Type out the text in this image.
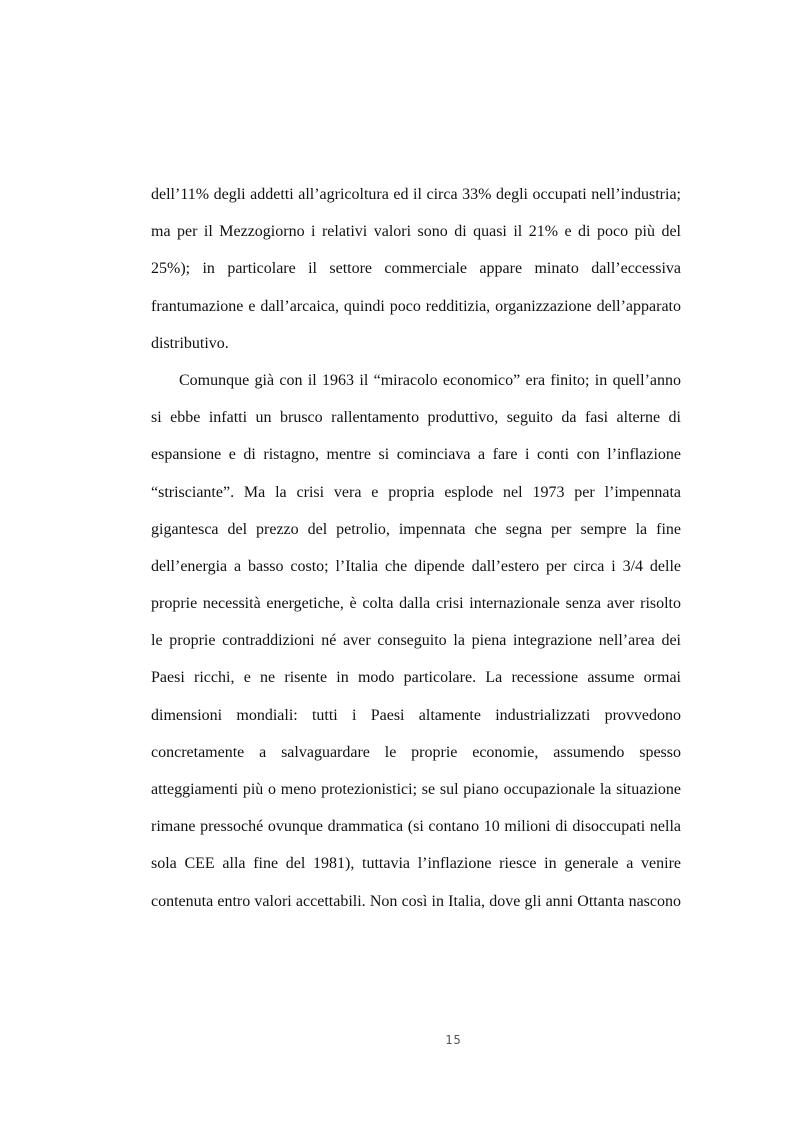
dell’11% degli addetti all’agricoltura ed il circa 33% degli occupati nell’industria;
ma per il Mezzogiorno i relativi valori sono di quasi il 21% e di poco più del
25%); in particolare il settore commerciale appare minato dall’eccessiva
frantumazione e dall’arcaica, quindi poco redditizia, organizzazione dell’apparato
distributivo.
Comunque già con il 1963 il “miracolo economico” era finito; in quell’anno
si ebbe infatti un brusco rallentamento produttivo, seguito da fasi alterne di
espansione e di ristagno, mentre si cominciava a fare i conti con l’inflazione
“strisciante”. Ma la crisi vera e propria esplode nel 1973 per l’impennata
gigantesca del prezzo del petrolio, impennata che segna per sempre la fine
dell’energia a basso costo; l’Italia che dipende dall’estero per circa i 3/4 delle
proprie necessità energetiche, è colta dalla crisi internazionale senza aver risolto
le proprie contraddizioni né aver conseguito la piena integrazione nell’area dei
Paesi ricchi, e ne risente in modo particolare. La recessione assume ormai
dimensioni mondiali: tutti i Paesi altamente industrializzati provvedono
concretamente a salvaguardare le proprie economie, assumendo spesso
atteggiamenti più o meno protezionistici; se sul piano occupazionale la situazione
rimane pressoché ovunque drammatica (si contano 10 milioni di disoccupati nella
sola CEE alla fine del 1981), tuttavia l’inflazione riesce in generale a venire
contenuta entro valori accettabili. Non così in Italia, dove gli anni Ottanta nascono
15
